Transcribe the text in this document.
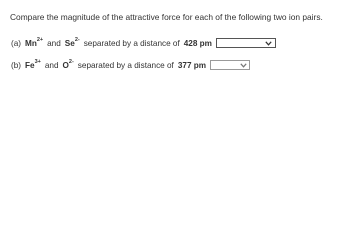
Compare the magnitude of the attractive force for each of the following two ion pairs.
(a) $Mn^{2+}$ and $Se^{2-}$ separated by a distance of 428 pm
(b) $Fe^{3+}$ and $O^{2-}$ separated by a distance of 377 pm
